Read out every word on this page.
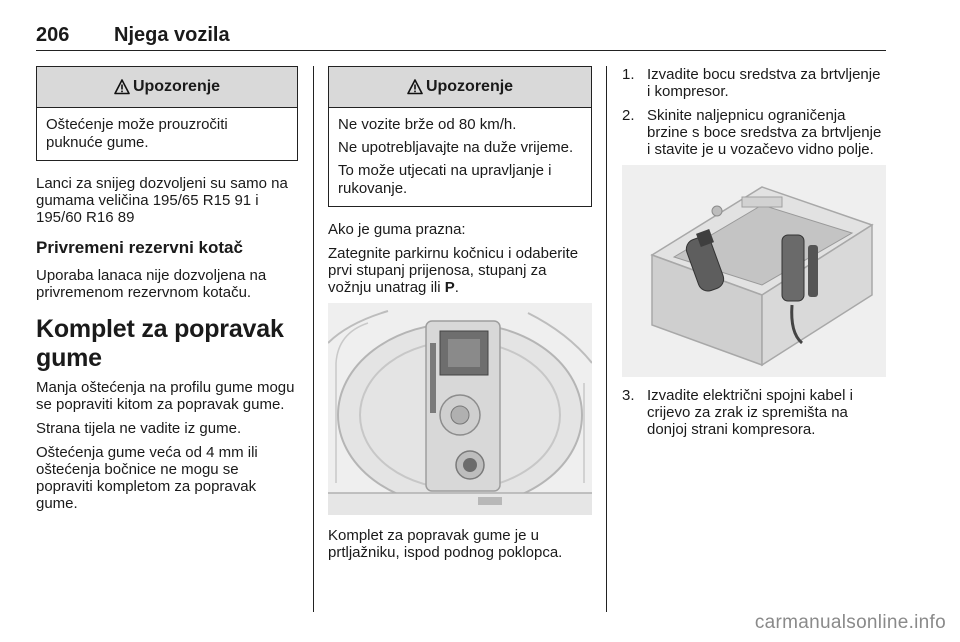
206 Njega vozila
Upozorenje

Oštećenje može prouzročiti puknuće gume.

Lanci za snijeg dozvoljeni su samo na gumama veličina 195/65 R15 91 i 195/60 R16 89

Privremeni rezervni kotač

Uporaba lanaca nije dozvoljena na privremenom rezervnom kotaču.

Komplet za popravak gume

Manja oštećenja na profilu gume mogu se popraviti kitom za popravak gume.

Strana tijela ne vadite iz gume.

Oštećenja gume veća od 4 mm ili oštećenja bočnice ne mogu se popraviti kompletom za popravak gume.

Upozorenje

Ne vozite brže od 80 km/h.

Ne upotrebljavajte na duže vrijeme.

To može utjecati na upravljanje i rukovanje.

Ako je guma prazna:

Zategnite parkirnu kočnicu i odaberite prvi stupanj prijenosa, stupanj za vožnju unatrag ili P.

Komplet za popravak gume je u prtljažniku, ispod podnog poklopca.

1. Izvadite bocu sredstva za brtvljenje i kompresor.
2. Skinite naljepnicu ograničenja brzine s boce sredstva za brtvljenje i stavite je u vozačevo vidno polje.
3. Izvadite električni spojni kabel i crijevo za zrak iz spremišta na donjoj strani kompresora.
carmanualsonline.info
